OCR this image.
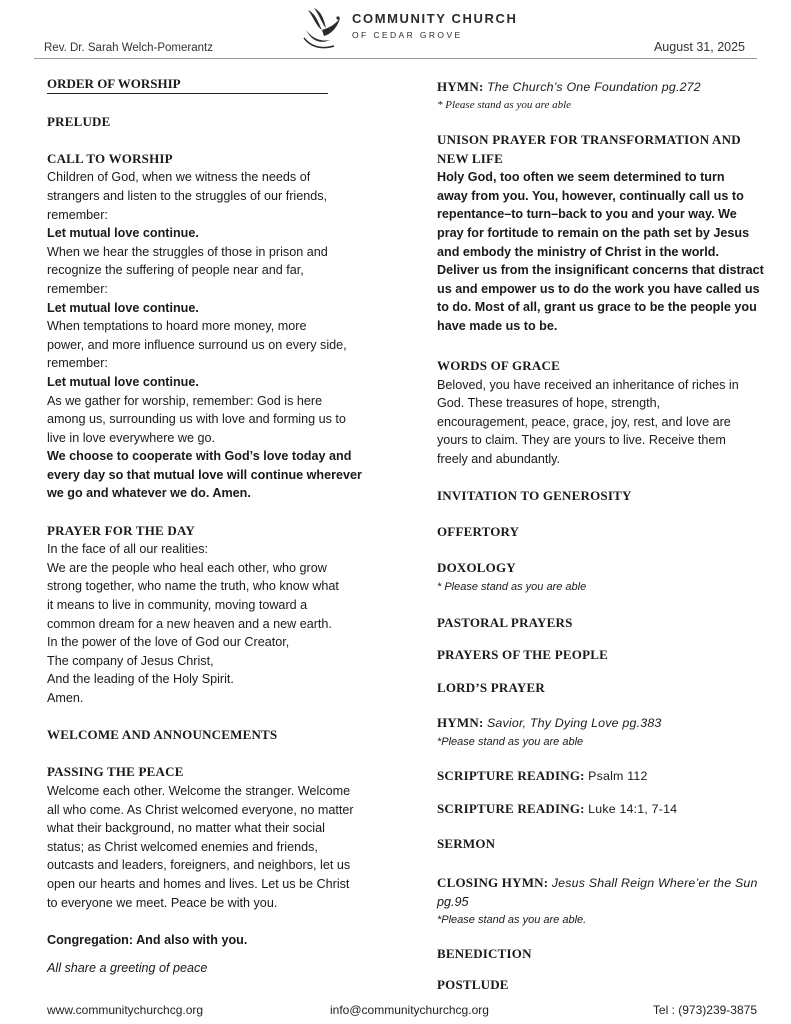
COMMUNITY CHURCH
OF CEDAR GROVE
Rev. Dr. Sarah Welch-Pomerantz	August 31, 2025
ORDER OF WORSHIP
PRELUDE
CALL TO WORSHIP
Children of God, when we witness the needs of
strangers and listen to the struggles of our friends,
remember:
Let mutual love continue.
When we hear the struggles of those in prison and
recognize the suffering of people near and far,
remember:
Let mutual love continue.
When temptations to hoard more money, more
power, and more influence surround us on every side,
remember:
Let mutual love continue.
As we gather for worship, remember: God is here
among us, surrounding us with love and forming us to
live in love everywhere we go.
We choose to cooperate with God’s love today and
every day so that mutual love will continue wherever
we go and whatever we do. Amen.
PRAYER FOR THE DAY
In the face of all our realities:
We are the people who heal each other, who grow
strong together, who name the truth, who know what
it means to live in community, moving toward a
common dream for a new heaven and a new earth.
In the power of the love of God our Creator,
The company of Jesus Christ,
And the leading of the Holy Spirit.
Amen.
WELCOME AND ANNOUNCEMENTS
PASSING THE PEACE
Welcome each other. Welcome the stranger. Welcome
all who come. As Christ welcomed everyone, no matter
what their background, no matter what their social
status; as Christ welcomed enemies and friends,
outcasts and leaders, foreigners, and neighbors, let us
open our hearts and homes and lives. Let us be Christ
to everyone we meet. Peace be with you.
Congregation: And also with you.
All share a greeting of peace
HYMN: The Church’s One Foundation pg.272
* Please stand as you are able
UNISON PRAYER FOR TRANSFORMATION AND
NEW LIFE
Holy God, too often we seem determined to turn
away from you. You, however, continually call us to
repentance–to turn–back to you and your way. We
pray for fortitude to remain on the path set by Jesus
and embody the ministry of Christ in the world.
Deliver us from the insignificant concerns that distract
us and empower us to do the work you have called us
to do. Most of all, grant us grace to be the people you
have made us to be.
WORDS OF GRACE
Beloved, you have received an inheritance of riches in
God. These treasures of hope, strength,
encouragement, peace, grace, joy, rest, and love are
yours to claim. They are yours to live. Receive them
freely and abundantly.
INVITATION TO GENEROSITY
OFFERTORY
DOXOLOGY
* Please stand as you are able
PASTORAL PRAYERS
PRAYERS OF THE PEOPLE
LORD’S PRAYER
HYMN: Savior, Thy Dying Love pg.383
*Please stand as you are able
SCRIPTURE READING: Psalm 112
SCRIPTURE READING: Luke 14:1, 7-14
SERMON
CLOSING HYMN: Jesus Shall Reign Where’er the Sun
pg.95
*Please stand as you are able.
BENEDICTION
POSTLUDE
www.communitychurchcg.org	info@communitychurchcg.org	Tel : (973)239-3875
